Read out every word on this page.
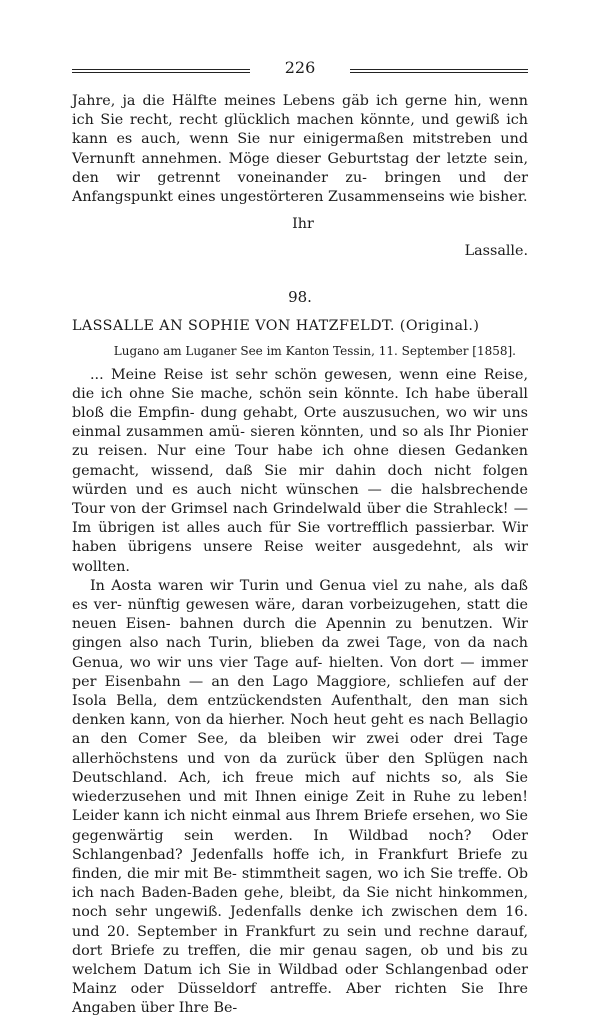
226

Jahre, ja die Hälfte meines Lebens gäb ich gerne hin, wenn ich Sie recht, recht glücklich machen könnte, und gewiß ich kann es auch, wenn Sie nur einigermaßen mitstreben und Vernunft annehmen. Möge dieser Geburtstag der letzte sein, den wir getrennt voneinander zu- bringen und der Anfangspunkt eines ungestörteren Zusammenseins wie bisher.

Ihr
Lassalle.
98.
LASSALLE AN SOPHIE VON HATZFELDT. (Original.)
Lugano am Luganer See im Kanton Tessin, 11. September [1858].

... Meine Reise ist sehr schön gewesen, wenn eine Reise, die ich ohne Sie mache, schön sein könnte. Ich habe überall bloß die Empfin- dung gehabt, Orte auszusuchen, wo wir uns einmal zusammen amü- sieren könnten, und so als Ihr Pionier zu reisen. Nur eine Tour habe ich ohne diesen Gedanken gemacht, wissend, daß Sie mir dahin doch nicht folgen würden und es auch nicht wünschen — die halsbrechende Tour von der Grimsel nach Grindelwald über die Strahleck! — Im übrigen ist alles auch für Sie vortrefflich passierbar. Wir haben übrigens unsere Reise weiter ausgedehnt, als wir wollten.

In Aosta waren wir Turin und Genua viel zu nahe, als daß es ver- nünftig gewesen wäre, daran vorbeizugehen, statt die neuen Eisen- bahnen durch die Apennin zu benutzen. Wir gingen also nach Turin, blieben da zwei Tage, von da nach Genua, wo wir uns vier Tage auf- hielten. Von dort — immer per Eisenbahn — an den Lago Maggiore, schliefen auf der Isola Bella, dem entzückendsten Aufenthalt, den man sich denken kann, von da hierher. Noch heut geht es nach Bellagio an den Comer See, da bleiben wir zwei oder drei Tage allerhöchstens und von da zurück über den Splügen nach Deutschland. Ach, ich freue mich auf nichts so, als Sie wiederzusehen und mit Ihnen einige Zeit in Ruhe zu leben! Leider kann ich nicht einmal aus Ihrem Briefe ersehen, wo Sie gegenwärtig sein werden. In Wildbad noch? Oder Schlangenbad? Jedenfalls hoffe ich, in Frankfurt Briefe zu finden, die mir mit Be- stimmtheit sagen, wo ich Sie treffe. Ob ich nach Baden-Baden gehe, bleibt, da Sie nicht hinkommen, noch sehr ungewiß. Jedenfalls denke ich zwischen dem 16. und 20. September in Frankfurt zu sein und rechne darauf, dort Briefe zu treffen, die mir genau sagen, ob und bis zu welchem Datum ich Sie in Wildbad oder Schlangenbad oder Mainz oder Düsseldorf antreffe. Aber richten Sie Ihre Angaben über Ihre Be-
